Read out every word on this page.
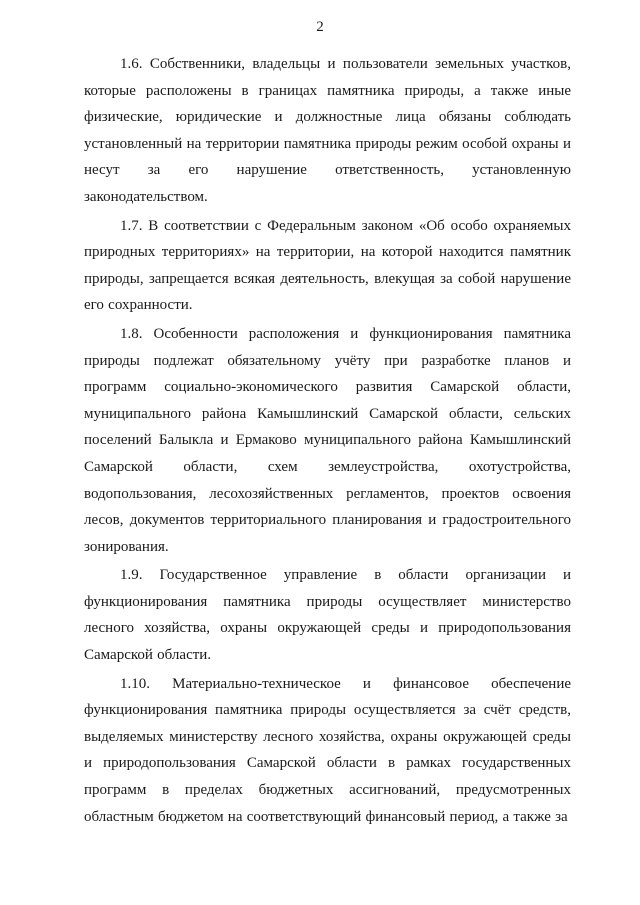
2

1.6. Собственники, владельцы и пользователи земельных участков, которые расположены в границах памятника природы, а также иные физические, юридические и должностные лица обязаны соблюдать установленный на территории памятника природы режим особой охраны и несут за его нарушение ответственность, установленную законодательством.

1.7. В соответствии с Федеральным законом «Об особо охраняемых природных территориях» на территории, на которой находится памятник природы, запрещается всякая деятельность, влекущая за собой нарушение его сохранности.

1.8. Особенности расположения и функционирования памятника природы подлежат обязательному учёту при разработке планов и программ социально-экономического развития Самарской области, муниципального района Камышлинский Самарской области, сельских поселений Балыкла и Ермаково муниципального района Камышлинский Самарской области, схем землеустройства, охотустройства, водопользования, лесохозяйственных регламентов, проектов освоения лесов, документов территориального планирования и градостроительного зонирования.

1.9. Государственное управление в области организации и функционирования памятника природы осуществляет министерство лесного хозяйства, охраны окружающей среды и природопользования Самарской области.

1.10. Материально-техническое и финансовое обеспечение функционирования памятника природы осуществляется за счёт средств, выделяемых министерству лесного хозяйства, охраны окружающей среды и природопользования Самарской области в рамках государственных программ в пределах бюджетных ассигнований, предусмотренных областным бюджетом на соответствующий финансовый период, а также за
